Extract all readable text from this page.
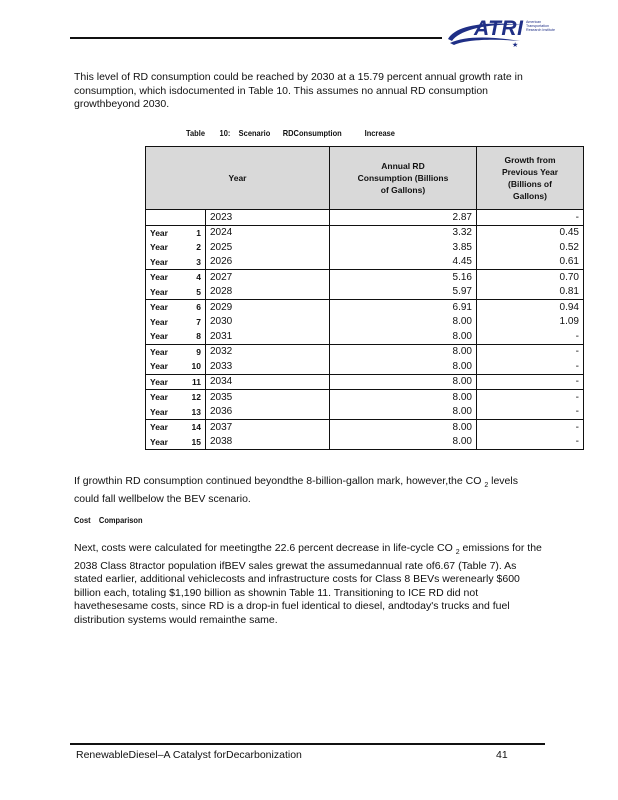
★
ATRI American Transportation Research Institute

This level of RD consumption could be reached by 2030 at a 15.79 percent annual growth rate in consumption, which isdocumented in Table 10. This assumes no annual RD consumption growthbeyond 2030.

Table 10: Scenario RDConsumption	Increase
Year		Annual RD Consumption (Billions of Gallons)	Growth from Previous Year (Billions of Gallons)

	2023	2.87	-
Year 1	2024	3.32	0.45
Year 2	2025	3.85	0.52
Year 3	2026	4.45	0.61
Year 4	2027	5.16	0.70
Year 5	2028	5.97	0.81
Year 6	2029	6.91	0.94
Year 7	2030	8.00	1.09
Year 8	2031	8.00	-
Year 9	2032	8.00	-
Year 10	2033	8.00	-
Year 11	2034	8.00	-
Year 12	2035	8.00	-
Year 13	2036	8.00	-
Year 14	2037	8.00	-
Year 15	2038	8.00	-

If growthin RD consumption continued beyondthe 8-billion-gallon mark, however,the CO $_2$ levels could fall wellbelow the BEV scenario.

Cost    Comparison

Next, costs were calculated for meetingthe 22.6 percent decrease in life-cycle CO $_2$ emissions for the 2038 Class 8tractor population ifBEV sales grewat the assumedannual rate of6.67 (Table 7). As stated earlier, additional vehiclecosts and infrastructure costs for Class 8 BEVs werenearly $600 billion each, totaling $1,190 billion as shownin Table 11. Transitioning to ICE RD did not havethesesame costs, since RD is a drop-in fuel identical to diesel, andtoday's trucks and fuel distribution systems would remainthe same.

RenewableDiesel–A Catalyst forDecarbonization	41
